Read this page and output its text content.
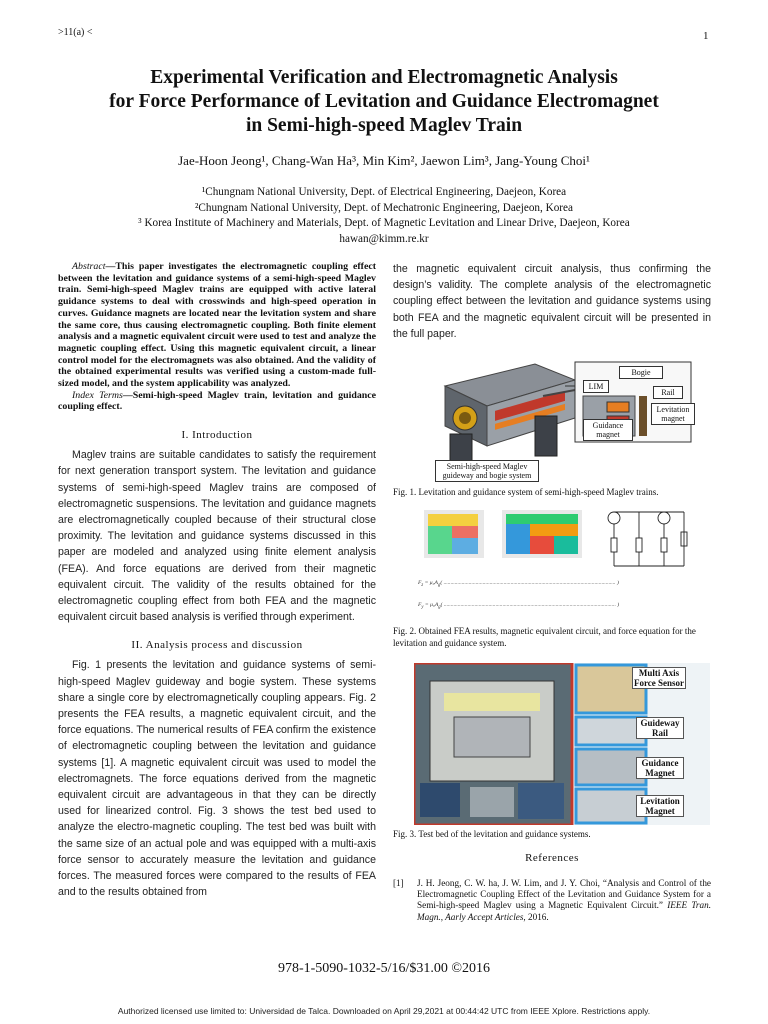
>11(a) <	1
Experimental Verification and Electromagnetic Analysis
for Force Performance of Levitation and Guidance Electromagnet
in Semi-high-speed Maglev Train
Jae-Hoon Jeong¹, Chang-Wan Ha³, Min Kim², Jaewon Lim³, Jang-Young Choi¹
¹Chungnam National University, Dept. of Electrical Engineering, Daejeon, Korea
²Chungnam National University, Dept. of Mechatronic Engineering, Daejeon, Korea
³ Korea Institute of Machinery and Materials, Dept. of Magnetic Levitation and Linear Drive, Daejeon, Korea
hawan@kimm.re.kr
Abstract—This paper investigates the electromagnetic coupling effect between the levitation and guidance systems of a semi-high-speed Maglev train. Semi-high-speed Maglev trains are equipped with active lateral guidance systems to deal with crosswinds and high-speed operation in curves. Guidance magnets are located near the levitation system and share the same core, thus causing electromagnetic coupling. Both finite element analysis and a magnetic equivalent circuit were used to test and analyze the magnetic coupling effect. Using this magnetic equivalent circuit, a linear control model for the electromagnets was also obtained. And the validity of the obtained experimental results was verified using a custom-made full-sized model, and the system applicability was analyzed.
Index Terms—Semi-high-speed Maglev train, levitation and guidance coupling effect.
I. Introduction

Maglev trains are suitable candidates to satisfy the requirement for next generation transport system. The levitation and guidance systems of semi-high-speed Maglev trains are composed of electromagnetic suspensions. The levitation and guidance magnets are electromagnetically coupled because of their structural close proximity. The levitation and guidance systems discussed in this paper are modeled and analyzed using finite element analysis (FEA). And force equations are derived from their magnetic equivalent circuit. The validity of the results obtained for the electromagnetic coupling effect from both FEA and the magnetic equivalent circuit based analysis is verified through experiment.

II. Analysis process and discussion

Fig. 1 presents the levitation and guidance systems of semi-high-speed Maglev guideway and bogie system. These systems share a single core by electromagnetically coupling appears. Fig. 2 presents the FEA results, a magnetic equivalent circuit, and the force equations. The numerical results of FEA confirm the existence of electromagnetic coupling between the levitation and guidance systems [1]. A magnetic equivalent circuit was used to model the electromagnets. The force equations derived from the magnetic equivalent circuit are advantageous in that they can be directly used for linearized control. Fig. 3 shows the test bed used to analyze the electro-magnetic coupling. The test bed was built with the same size of an actual pole and was equipped with a multi-axis force sensor to accurately measure the levitation and guidance forces. The measured forces were compared to the results of FEA and to the results obtained from

the magnetic equivalent circuit analysis, thus confirming the design’s validity. The complete analysis of the electromagnetic coupling effect between the levitation and guidance systems using both FEA and the magnetic equivalent circuit will be presented in the full paper.

Bogie
LIM
Rail
Levitation magnet
Guidance magnet
Semi-high-speed Maglev guideway and bogie system
Fig. 1. Levitation and guidance system of semi-high-speed Maglev trains.
$F_z = \mu_0A_g$( ........................................................................................................................... )
$F_y = \mu_0A_g$( ........................................................................................................................... )
Fig. 2. Obtained FEA results, magnetic equivalent circuit, and force equation for the levitation and guidance system.
Multi Axis Force Sensor
Guideway Rail
Guidance Magnet
Levitation Magnet
Fig. 3. Test bed of the levitation and guidance systems.
References
[1]	J. H. Jeong, C. W. ha, J. W. Lim, and J. Y. Choi, “Analysis and Control of the Electromagnetic Coupling Effect of the Levitation and Guidance System for a Semi-high-speed Maglev using a Magnetic Equivalent Circuit.” IEEE Tran. Magn., Aarly Accept Articles, 2016.
978-1-5090-1032-5/16/$31.00 ©2016
Authorized licensed use limited to: Universidad de Talca. Downloaded on April 29,2021 at 00:44:42 UTC from IEEE Xplore. Restrictions apply.
